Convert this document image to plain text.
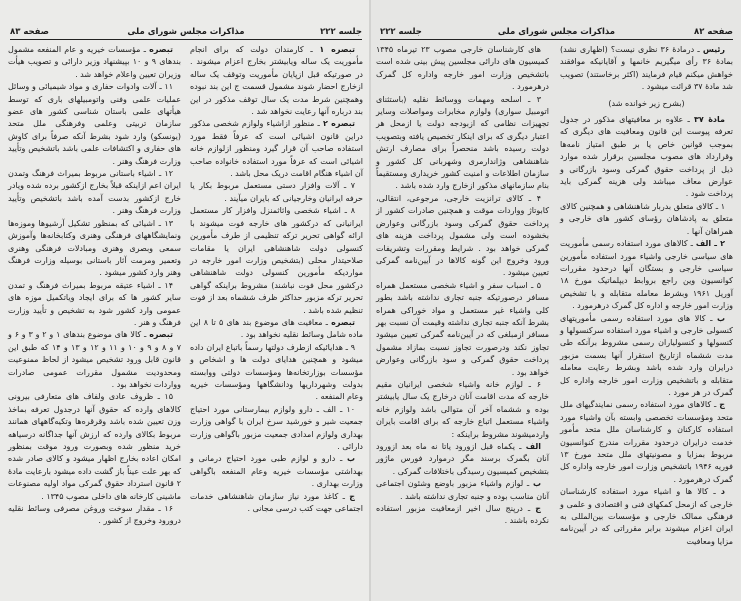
جلسه ۲۲۲
مذاکرات مجلس شورای ملی
صفحه ۸۳

تبصره ۱ ـ کارمندان دولت که برای انجام مأموریت یک ساله ویابیشتر بخارج اعزام میشوند . در صورتیکه قبل ازپایان مأموریت وتوقف یک ساله ازخارج احضار شوند مشمول قسمت ج این بند نبوده وهمچنین شرط مدت یک سال توقف مذکور در این بند درباره آنها رعایت نخواهد شد .

تبصره ۲ ـ منظور ازاشیاء ولوازم شخصی مذکور دراین قانون اشیائی است که عرفاً فقط مورد استفاده صاحب آن قرار گیرد ومنظور ازلوازم خانه اشیائی است که عرفاً مورد استفاده خانواده صاحب آن اشیاء هنگام اقامت دریک محل باشد .

۷ ـ آلات وافزار دستی مستعمل مربوط بکار یا حرفه ایرانیان وخارجیانی که بایران میآیند .

۸ ـ اشیاء شخصی واثاثمنزل وافزار کار مستعمل ایرانیانی که درکشور های خارجه فوت میشوند با ارائه گواهی تحریر ترکه تنظیمی از طرف مأمورین کنسولی دولت شاهنشاهی ایران یا مقامات صلاحیتدار محلی (بتشخیص وزارت امور خارجه در مواردیکه مأمورین کنسولی دولت شاهنشاهی درکشور محل فوت نباشند) مشروط براینکه گواهی تحریر ترکه مزبور حداکثر ظرف ششماه بعد از فوت تنظیم شده باشد .

تبصره ـ معافیت های موضوع بند های ۵ تا ۸ این ماده شامل وسائط نقلیه نخواهد بود .

۹ ـ هدایائیکه ازطرف دولتها رسماً باتباع ایران داده میشود و همچنین هدایای دولت ها و اشخاص و مؤسسات بوزارتخانه‌ها ومؤسسات دولتی ووابسته بدولت وشهرداریها ودانشگاهها ومؤسسات خیریه وعام المنفعه .

۱۰ ـ الف ـ دارو ولوازم بیمارستانی مورد احتیاج جمعیت شیر و خورشید سرخ ایران با گواهی وزارت بهداری ولوازم امدادی جمعیت مزبور باگواهی وزارت دارائی .

ب ـ دارو و لوازم طبی مورد احتیاج درمانی و بهداشتی مؤسسات خیریه وعام المنفعه باگواهی وزارت بهداری .

ج ـ کاغذ مورد نیاز سازمان شاهنشاهی خدمات اجتماعی جهت کتب درسی مجانی .

تبصره ـ مؤسسات خیریه و عام المنفعه مشمول بندهای ۹ و ۱۰ بپیشنهاد وزیر دارائی و تصویب هیأت وزیران تعیین واعلام خواهد شد .

۱۱ ـ آلات وادوات حفاری و مواد شیمیائی و وسائل عملیات علمی وفنی واتومبیلهای باری که توسط هیأتهای علمی باستان شناسی کشور های عضو سازمان تربیتی وعلمی وفرهنگی ملل متحد (یونسکو) وارد شود بشرط آنکه صرفاً برای کاوش های حفاری و اکتشافات علمی باشد باتشخیص وتأیید وزارت فرهنگ وهنر .

۱۲ ـ اشیاء باستانی مربوط بمیراث فرهنگ وتمدن ایران اعم ازاینکه قبلاً بخارج ازکشور برده شده ویادر خارج ازکشور بدست آمده باشد باتشخیص وتأیید وزارت فرهنگ وهنر .

۱۳ ـ اشیائی که بمنظور تشکیل آرشیوها وموزه‌ها ونمایشگاههای فرهنگی وهنری وکتابخانه‌ها وآموزش سمعی وبصری وهنری ومبادلات فرهنگی وهنری وتعمیر ومرمت آثار باستانی بوسیله وزارت فرهنگ وهنر وارد کشور میشود .

۱۴ ـ اشیاء عتیقه مربوط بمیراث فرهنگ و تمدن سایر کشور ها که برای ایجاد ویاتکمیل موزه های عمومی وارد کشور شود به تشخیص و تأیید وزارت فرهنگ و هنر .

تبصره ـ کالا های موضوع بندهای ۱ و ۲ و ۳ و ۶ و ۷ و ۸ و ۹ و ۱۰ و ۱۱ و ۱۲ و ۱۳ و ۱۴ که طبق این قانون قابل ورود تشخیص میشود از لحاظ ممنوعیت ومحدودیت مشمول مقررات عمومی صادرات وواردات نخواهد بود .

۱۵ ـ ظروف عادی ولفاف های متعارفی بیرونی کالاهای وارده که حقوق آنها درجدول تعرفه بماخذ وزن تعیین شده باشد وقرقره‌ها وتکیه‌گاههای همانند مربوط بکالای وارده که ارزش آنها جداگانه درسیاهه خرید منظور شده وبصورت ورود موقت بمنظور امکان اعاده بخارج اظهار میشود و کالای صادر شده که بهر علت عیناً باز گشت داده میشود بارعایت مادهٔ ۲ قانون استرداد حقوق گمرکی مواد اولیه مصنوعات ماشینی کارخانه های داخلی مصوب ۱۳۴۵ .

۱۶ ـ مقدار سوخت وروغن مصرفی وسائط نقلیه درورود وخروج از کشور .

صفحه ۸۲
مذاکرات مجلس شورای ملی
جلسه ۲۲۲

رئیس ـ درمادهٔ ۳۶ نظری نیست؟ (اظهاری نشد) بمادهٔ ۳۶ رأی میگیریم خانمها و آقایانیکه موافقند خواهش میکنم قیام فرمایند (اکثر برخاستند) تصویب شد مادهٔ ۳۷ قرائت میشود .

(بشرح زیر خوانده شد)

مادهٔ ۳۷ ـ علاوه بر معافیتهای مذکور در جدول تعرفه پیوست این قانون ومعافیت های دیگری که بموجب قوانین خاص یا بر طبق امتیاز نامه‌ها وقرارداد های مصوب مجلسین برقرار شده موارد ذیل از پرداخت حقوق گمرکی وسود بازرگانی و عوارض معاف میباشد ولی هزینه گمرکی باید پرداخت شود .

۱ ـ کالای متعلق بدربار شاهنشاهی و همچنین کالای متعلق به پادشاهان رؤسای کشور های خارجی و همراهان آنها .

۲ ـ الف ـ کالاهای مورد استفاده رسمی مأموریت های سیاسی خارجی واشیاء مورد استفاده مأمورین سیاسی خارجی و بستگان آنها درحدود مقررات کوانسیون وین راجع بروابط دیپلماتیک مورخ ۱۸ آوریل ۱۹۶۱ وبشرط معامله متقابله و با تشخیص وزارت امور خارجه و اداره کل گمرک درهرمورد .

ب ـ کالا های مورد استفاده رسمی مأموریتهای کنسولی خارجی و اشیاء مورد استفاده سرکنسولها و کنسولها و کنسولیاران رسمی مشروط برآنکه طی مدت ششماه ازتاریخ استقرار آنها بسمت مزبور درایران وارد شده باشد وبشرط رعایت معامله متقابله و باتشخیص وزارت امور خارجه واداره کل گمرک در هر مورد .

ج ـ کالاهای مورد استفاده رسمی نمایندگیهای ملل متحد ومؤسسات تخصصی وابسته بآن واشیاء مورد استفاده کارکنان و کارشناسان ملل متحد مأمور خدمت درایران درحدود مقررات مندرج کنوانسیون مربوط بمزایا و مصونیتهای ملل متحد مورخ ۱۳ فوریه ۱۹۴۶ باتشخیص وزارت امور خارجه واداره کل گمرک درهرمورد .

د ـ کالا ها و اشیاء مورد استفاده کارشناسان خارجی که ازمحل کمکهای فنی و اقتصادی و علمی و فرهنگی ممالک خارجی و مؤسسات بین‌المللی به ایران اعزام میشوند برابر مقرراتی که در آیین‌نامه مزایا ومعافیت

های کارشناسان خارجی مصوب ۲۳ تیرماه ۱۳۴۵ کمیسیون های دارائی مجلسین پیش بینی شده است باتشخیص وزارت امور خارجه واداره کل گمرک درهرمورد .

۳ ـ اسلحه ومهمات ووسائط نقلیه (باستثنای اتومبیل سواری) ولوازم مخابرات ومواصلات وسایر تجهیزات نظامی که ازبودجه دولت یا ازمحل هر اعتبار دیگری که برای اینکار تخصیص یافته وبتصویب دولت رسیده باشد منحصراً برای مصارف ارتش شاهنشاهی وژاندارمری وشهربانی کل کشور و سازمان اطلاعات و امنیت کشور خریداری ومستقیماً بنام سازمانهای مذکور ازخارج وارد شده باشد .

۴ ـ کالای ترانزیت خارجی، مرجوعی، انتقالی، کابوتاژ وواردات موقت و همچنین صادرات کشور از پرداخت حقوق گمرکی وسود بازرگانی وعوارض بخشوده است ولی مشمول پرداخت هزینه های گمرکی خواهد بود . شرایط ومقررات وتشریفات ورود وخروج این گونه کالاها در آیین‌نامه گمرکی تعیین میشود .

۵ ـ اسباب سفر و اشیاء شخصی مستعمل همراه مسافر درصورتیکه جنبه تجاری نداشته باشد بطور کلی واشیاء غیر مستعمل و مواد خوراکی همراه بشرط آنکه جنبه تجاری نداشته وقیمت آن نسبت بهر مسافر ازمبلغی که در آیین‌نامه گمرکی تعیین میشود تجاوز نکند ودرصورت تجاوز نسبت بمازاد مشمول پرداخت حقوق گمرکی و سود بازرگانی وعوارض خواهد بود .

۶ ـ لوازم خانه واشیاء شخصی ایرانیان مقیم خارجه که مدت اقامت آنان درخارج یک سال یابیشتر بوده و ششماه آخر آن متوالی باشد ولوازم خانه واشیاء مستعمل اتباع خارجه که برای اقامت بایران واردمیشوند مشروط براینکه :

الف ـ یکماه قبل ازورود یاتا نه ماه بعد ازورود آنان بگمرک برسند مگر درموارد فورس ماژور بتشخیص کمیسیون رسیدگی باختلافات گمرکی .

ب ـ لوازم واشیاء مزبور باوضع وشئون اجتماعی آنان مناسب بوده و جنبه تجاری نداشته باشد .

ج ـ درپنج سال اخیر ازمعافیت مزبور استفاده نکرده باشند .
